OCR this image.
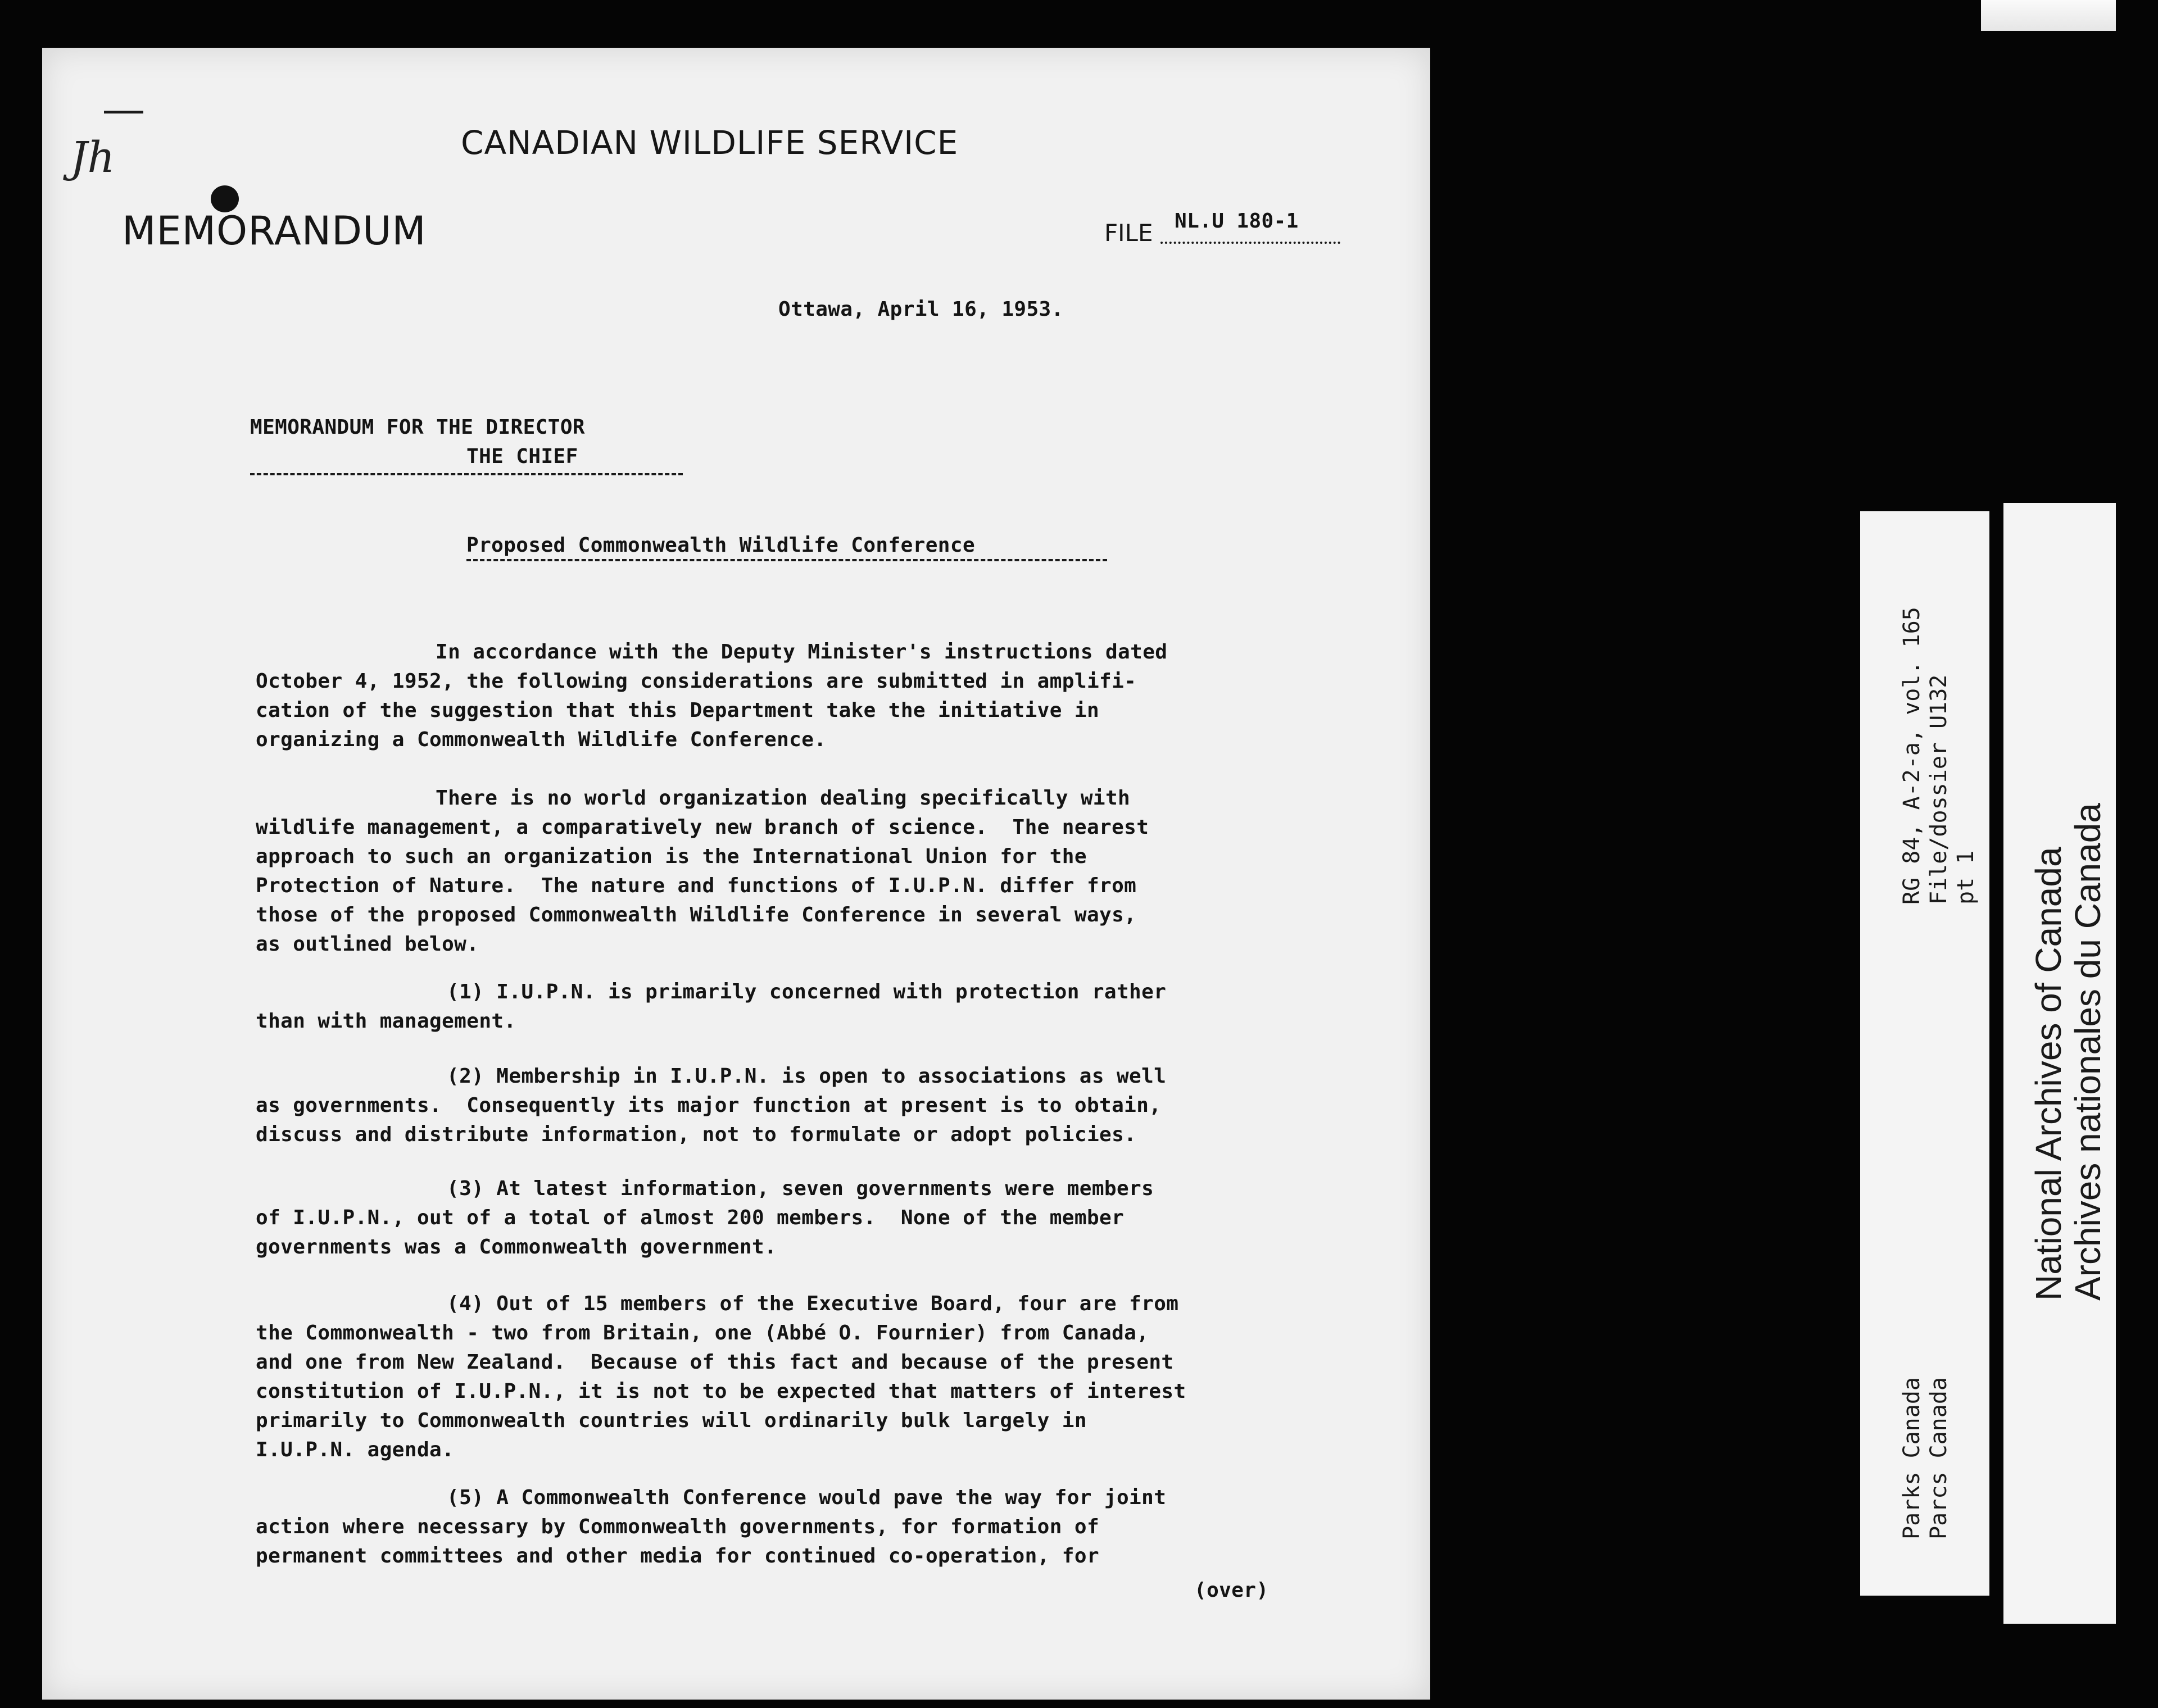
Jh	CANADIAN WILDLIFE SERVICE
MEMORANDUM	FILE NL.U 180-1
Ottawa, April 16, 1953.
MEMORANDUM FOR THE DIRECTOR
THE CHIEF
Proposed Commonwealth Wildlife Conference
In accordance with the Deputy Minister's instructions dated
October 4, 1952, the following considerations are submitted in amplifi-
cation of the suggestion that this Department take the initiative in
organizing a Commonwealth Wildlife Conference.
There is no world organization dealing specifically with
wildlife management, a comparatively new branch of science.  The nearest
approach to such an organization is the International Union for the
Protection of Nature.  The nature and functions of I.U.P.N. differ from
those of the proposed Commonwealth Wildlife Conference in several ways,
as outlined below.
(1) I.U.P.N. is primarily concerned with protection rather
than with management.
(2) Membership in I.U.P.N. is open to associations as well
as governments.  Consequently its major function at present is to obtain,
discuss and distribute information, not to formulate or adopt policies.
(3) At latest information, seven governments were members
of I.U.P.N., out of a total of almost 200 members.  None of the member
governments was a Commonwealth government.
(4) Out of 15 members of the Executive Board, four are from
the Commonwealth - two from Britain, one (Abbé O. Fournier) from Canada,
and one from New Zealand.  Because of this fact and because of the present
constitution of I.U.P.N., it is not to be expected that matters of interest
primarily to Commonwealth countries will ordinarily bulk largely in
I.U.P.N. agenda.
(5) A Commonwealth Conference would pave the way for joint
action where necessary by Commonwealth governments, for formation of
permanent committees and other media for continued co-operation, for
(over)
Parks Canada Parcs Canada
RG 84, A-2-a, vol. 165 File/dossier U132 pt 1 National Archives of Canada
Archives nationales du Canada
